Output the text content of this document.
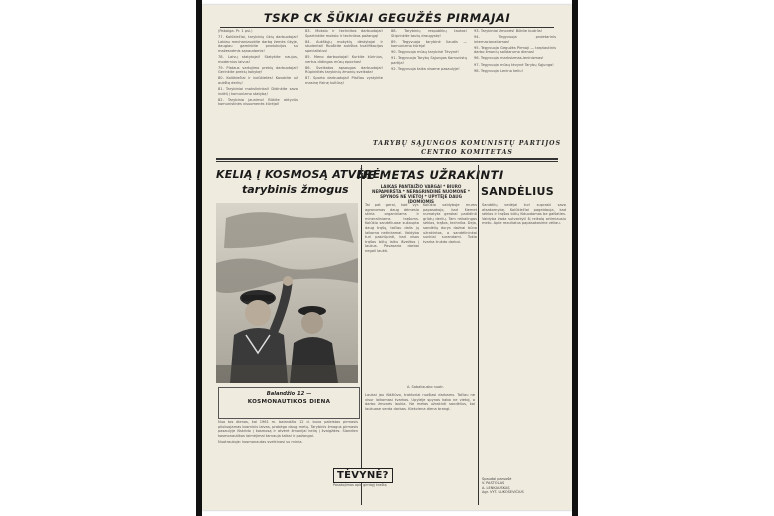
TSKP CK ŠŪKIAI GEGUŽĖS PIRMAJAI

(Pabaiga. Pr. 1 psl.)

77. Kolūkiečiai, tarybinių ūkių darbuotojai! Labiau mechanizuokite darbą žemės ūkyje, daugiau gaminkite produkcijos su mažesnėmis sąnaudomis!

78. Laivų statytojai! Statykite naujus, modernius laivus!

79. Plataus vartojimo prekių darbuotojai! Gerinkite prekių kokybę!

80. Kolūkiečiai ir kolūkietės! Kovokite už aukštą derlių!

81. Tarybiniai mokslininkai! Didinkite savo indėlį į komunizmo statybą!

82. Tarybinio jaunimo! Būkite aktyvūs komunistinės visuomenės kūrėjai!

83. Mokslo ir technikos darbuotojai! Spartinkite mokslo ir technikos pažangą!

84. Aukštųjų mokyklų dėstytojai ir studentai! Ruoškite aukštos kvalifikacijos specialistus!

85. Meno darbuotojai! Kurkite kūrinius, vertus didingos mūsų epochos!

86. Sveikatos apsaugos darbuotojai! Rūpinkitės tarybinių žmonių sveikata!

87. Sporto darbuotojai! Plačiau vystykite masinę fizinę kultūrą!

88. Tarybinių respublikų tautos! Stiprinkite tautų draugystę!

89. Tegyvuoja tarybinė liaudis — komunizmo kūrėja!

90. Tegyvuoja mūsų tarybinė Tėvynė!

91. Tegyvuoja Tarybų Sąjungos Komunistų partija!

92. Tegyvuoja taika visame pasaulyje!

93. Tarybiniai žmonės! Būkite budrūs!

94. Tegyvuoja proletarinis internacionalizmas!

95. Tegyvuoja Gegužės Pirmoji — tarptautinis darbo žmonių solidarumo dienos!

96. Tegyvuoja marksizmas-leninizmas!

97. Tegyvuoja mūsų tėvynė Tarybų Sąjunga!

98. Tegyvuoja Lenino keliu!

TARYBŲ SĄJUNGOS KOMUNISTŲ PARTIJOS
CENTRO KOMITETAS
KELIĄ Į KOSMOSĄ ATVĖRĖ
tarybinis žmogus
Balandžio 12 —
KOSMONAUTIKOS DIENA

Nuo tos dienos, kai 1961 m. balandžio 12 d. buvo paleistas pirmasis pilotuojamas kosminis laivas, prabėgo daug metų. Tarybinis žmogus pirmasis pasaulyje išskrido į kosmosą ir atvėrė žmonijai kelią į žvaigždes. Šiandien kosmonautikos laimėjimai tarnauja taikai ir pažangai.

Nuotraukoje: kosmonautas sveikinasi su minia.

NE METAS UŽRAKINTI
SANDĖLIUS
LAIKAS PANTAIŽIO VARGAI * BIURO
NEPAMIRŠTA * NEPAGRINDINĖ NUOMONĖ *
SPYNOS NE VIETOJ * UPYTĖJE DAUG ĮDOMIOMIS

Tai pat gerai, kad vyr. agronomas daug dėmesio skiria organiniams ir mineraliniams trąšoms. Kolūkio sandėliuose sukaupta daug trąšų, tačiau dalis jų laikoma netinkamai. Valdyba turi pasirūpinti, kad visos trąšos būtų laiku išvežtos į laukus. Pavasario darbai negali laukti.

Kolūkio valdyboje mums papasakojo, kad šiemet numatyta gerokai padidinti grūdų derlių. Tam reikalingos sėklos, trąšos, technika. Deja, sandėlių durys dažnai būna užrakintos, o sandėlininkai sunkiai surandami. Tokia tvarka trukdo darbui.

A. Sabaliausko nuotr.

Laukai jau išdžiūvo, traktoriai ruošiasi darbams. Tačiau ne visur laikomasi tvarkos. Upytėje spynos kabo ne vietoj, o darbo žmonės laukia. Ne metas užrakinti sandėlius, kai laukuose verda darbas. Kiekviena diena brangi.

Sandėlių vedėjai turi suprasti savo atsakomybę. Kolūkiečiai pageidauja, kad sėklos ir trąšos būtų išduodamos be gaišaties. Valdyba žada sutvarkyti šį reikalą artimiausiu metu. Apie rezultatus papasakosime vėliau.

TĖVYNĖ?
Pasakojimas apie gimtąjį kraštą
Spaudai paruošė
V. PASTOLAS
A. LENKAUSKAS
Agr. VYT. LUKOŠEVIČIUS
